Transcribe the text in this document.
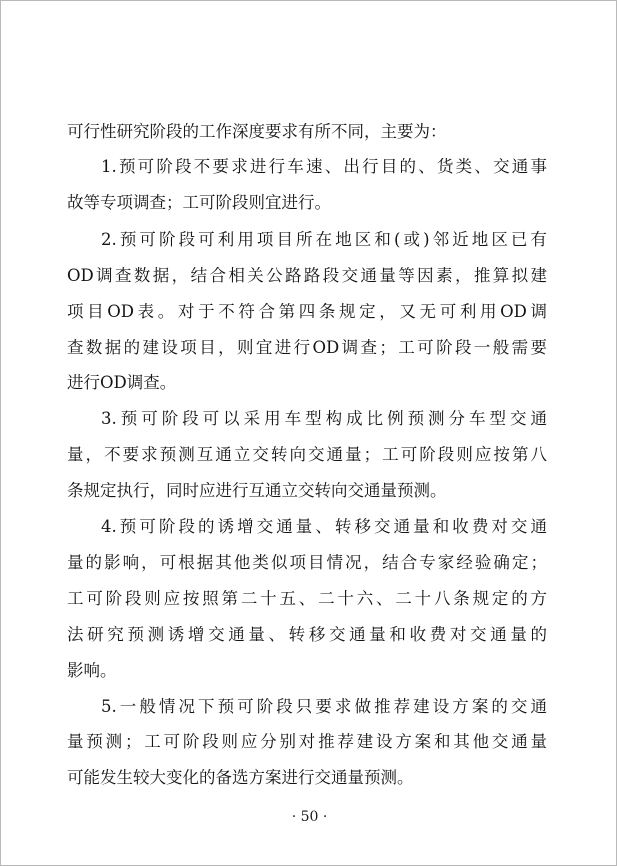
可行性研究阶段的工作深度要求有所不同，主要为：
1.预可阶段不要求进行车速、出行目的、货类、交通事
故等专项调查；工可阶段则宜进行。
2.预可阶段可利用项目所在地区和(或)邻近地区已有
OD调查数据，结合相关公路路段交通量等因素，推算拟建
项目OD表。对于不符合第四条规定，又无可利用OD调
查数据的建设项目，则宜进行OD调查；工可阶段一般需要
进行OD调查。
3.预可阶段可以采用车型构成比例预测分车型交通
量，不要求预测互通立交转向交通量；工可阶段则应按第八
条规定执行，同时应进行互通立交转向交通量预测。
4.预可阶段的诱增交通量、转移交通量和收费对交通
量的影响，可根据其他类似项目情况，结合专家经验确定；
工可阶段则应按照第二十五、二十六、二十八条规定的方
法研究预测诱增交通量、转移交通量和收费对交通量的
影响。
5.一般情况下预可阶段只要求做推荐建设方案的交通
量预测；工可阶段则应分别对推荐建设方案和其他交通量
可能发生较大变化的备选方案进行交通量预测。
· 50 ·
